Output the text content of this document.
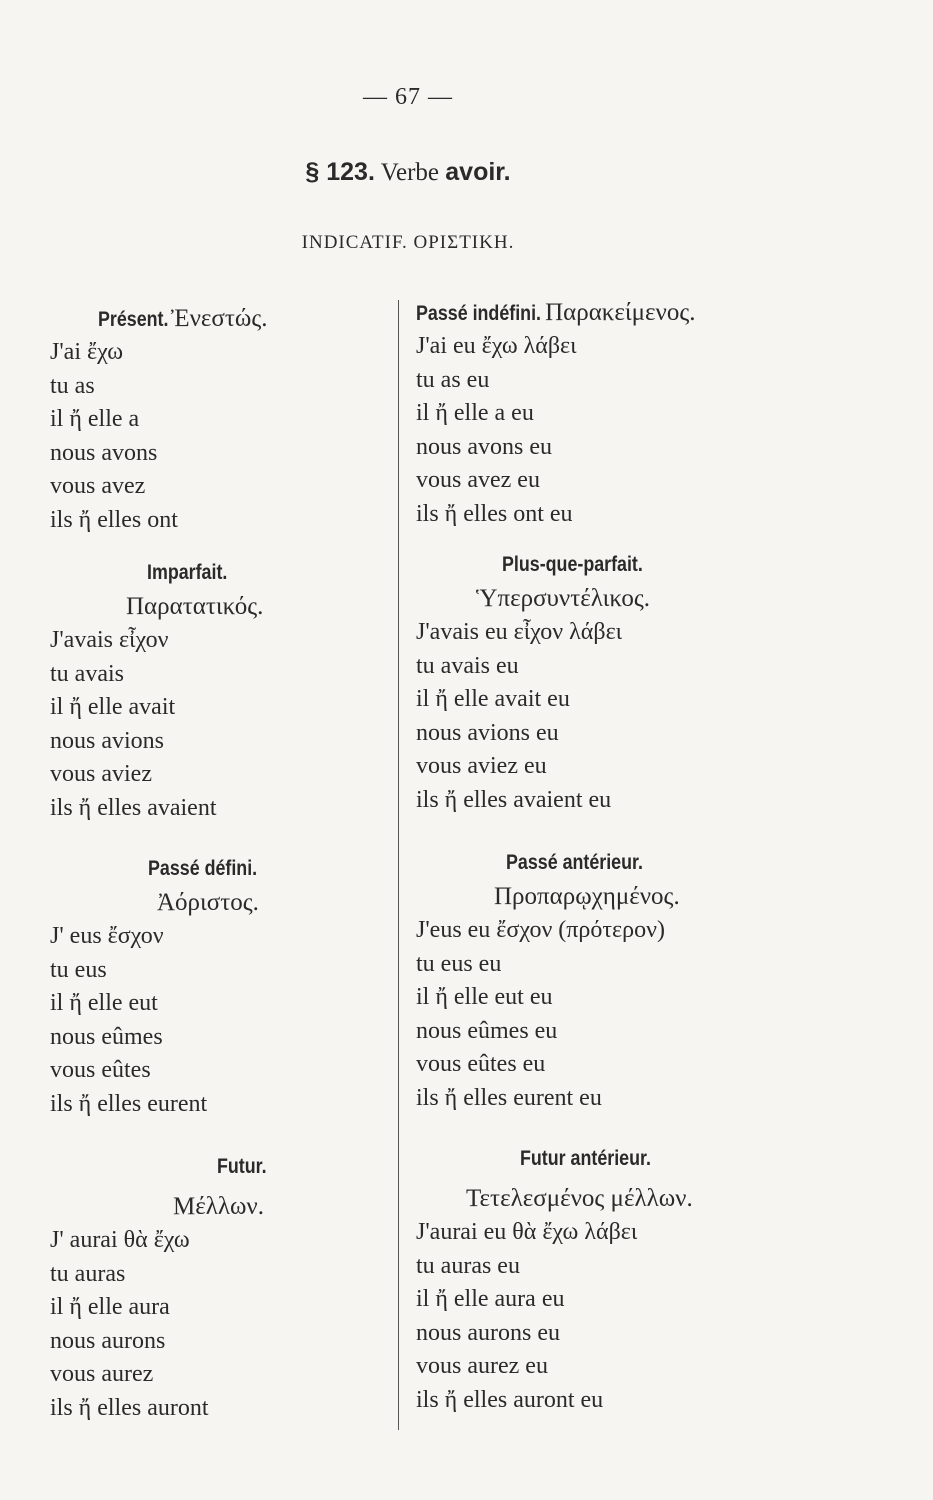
— 67 —
§ 123. Verbe avoir.
INDICATIF. ΟΡΙΣΤΙΚΗ.
Présent. Ἐνεστώς.
J'ai ἔχω
tu as
il ἤ elle a
nous avons
vous avez
ils ἤ elles ont
Imparfait.
Παρατατικός.
J'avais εἶχον
tu avais
il ἤ elle avait
nous avions
vous aviez
ils ἤ elles avaient
Passé défini.
Ἀόριστος.
J' eus ἔσχον
tu eus
il ἤ elle eut
nous eûmes
vous eûtes
ils ἤ elles eurent
Futur.
Μέλλων.
J' aurai θὰ ἔχω
tu auras
il ἤ elle aura
nous aurons
vous aurez
ils ἤ elles auront
Passé indéfini. Παρακείμενος.
J'ai eu ἔχω λάβει
tu as eu
il ἤ elle a eu
nous avons eu
vous avez eu
ils ἤ elles ont eu
Plus-que-parfait.
Ὑπερσυντέλικος.
J'avais eu εἶχον λάβει
tu avais eu
il ἤ elle avait eu
nous avions eu
vous aviez eu
ils ἤ elles avaient eu
Passé antérieur.
Προπαρῳχημένος.
J'eus eu ἔσχον (πρότερον)
tu eus eu
il ἤ elle eut eu
nous eûmes eu
vous eûtes eu
ils ἤ elles eurent eu
Futur antérieur.
Τετελεσμένος μέλλων.
J'aurai eu θὰ ἔχω λάβει
tu auras eu
il ἤ elle aura eu
nous aurons eu
vous aurez eu
ils ἤ elles auront eu
